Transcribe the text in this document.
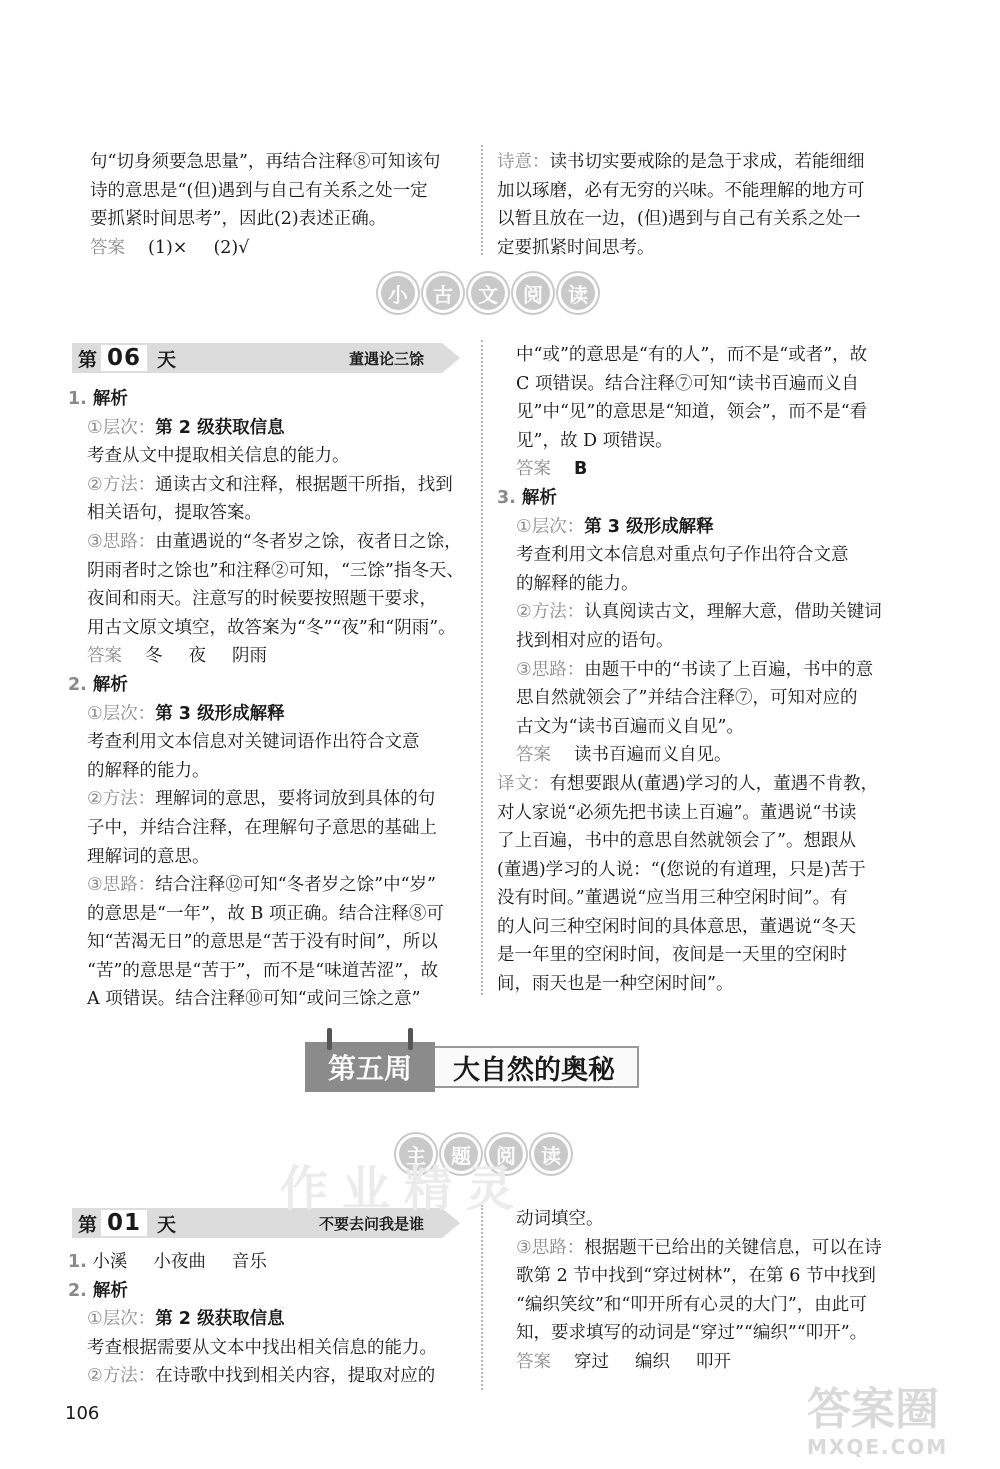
句“切身须要急思量”，再结合注释⑧可知该句

诗的意思是“(但)遇到与自己有关系之处一定

要抓紧时间思考”，因此(2)表述正确。

答案 (1)× (2)√

诗意：读书切实要戒除的是急于求成，若能细细

加以琢磨，必有无穷的兴味。不能理解的地方可

以暂且放在一边，(但)遇到与自己有关系之处一

定要抓紧时间思考。

小	古	文	阅	读
第 06 天	董遇论三馀

1. 解析

①层次：第 2 级获取信息

考查从文中提取相关信息的能力。

②方法：通读古文和注释，根据题干所指，找到

相关语句，提取答案。

③思路：由董遇说的“冬者岁之馀，夜者日之馀，

阴雨者时之馀也”和注释②可知，“三馀”指冬天、

夜间和雨天。注意写的时候要按照题干要求，

用古文原文填空，故答案为“冬”“夜”和“阴雨”。

答案 冬 夜 阴雨

2. 解析

①层次：第 3 级形成解释

考查利用文本信息对关键词语作出符合文意

的解释的能力。

②方法：理解词的意思，要将词放到具体的句

子中，并结合注释，在理解句子意思的基础上

理解词的意思。

③思路：结合注释⑫可知“冬者岁之馀”中“岁”

的意思是“一年”，故 B 项正确。结合注释⑧可

知“苦渴无日”的意思是“苦于没有时间”，所以

“苦”的意思是“苦于”，而不是“味道苦涩”，故

A 项错误。结合注释⑩可知“或问三馀之意”

中“或”的意思是“有的人”，而不是“或者”，故

C 项错误。结合注释⑦可知“读书百遍而义自

见”中“见”的意思是“知道，领会”，而不是“看

见”，故 D 项错误。

答案 B

3. 解析

①层次：第 3 级形成解释

考查利用文本信息对重点句子作出符合文意

的解释的能力。

②方法：认真阅读古文，理解大意，借助关键词

找到相对应的语句。

③思路：由题干中的“书读了上百遍，书中的意

思自然就领会了”并结合注释⑦，可知对应的

古文为“读书百遍而义自见”。

答案 读书百遍而义自见。

译文：有想要跟从(董遇)学习的人，董遇不肯教，

对人家说“必须先把书读上百遍”。董遇说“书读

了上百遍，书中的意思自然就领会了”。想跟从

(董遇)学习的人说：“(您说的有道理，只是)苦于

没有时间。”董遇说“应当用三种空闲时间”。有

的人问三种空闲时间的具体意思，董遇说“冬天

是一年里的空闲时间，夜间是一天里的空闲时

间，雨天也是一种空闲时间”。

第五周	大自然的奥秘
主	题	阅	读
第 01 天	不要去问我是谁

1. 小溪 小夜曲 音乐

2. 解析

①层次：第 2 级获取信息

考查根据需要从文本中找出相关信息的能力。

②方法：在诗歌中找到相关内容，提取对应的

动词填空。

③思路：根据题干已给出的关键信息，可以在诗

歌第 2 节中找到“穿过树林”，在第 6 节中找到

“编织笑纹”和“叩开所有心灵的大门”，由此可

知，要求填写的动词是“穿过”“编织”“叩开”。

答案 穿过 编织 叩开

106
作业精灵
答案圈
MXQE.COM
